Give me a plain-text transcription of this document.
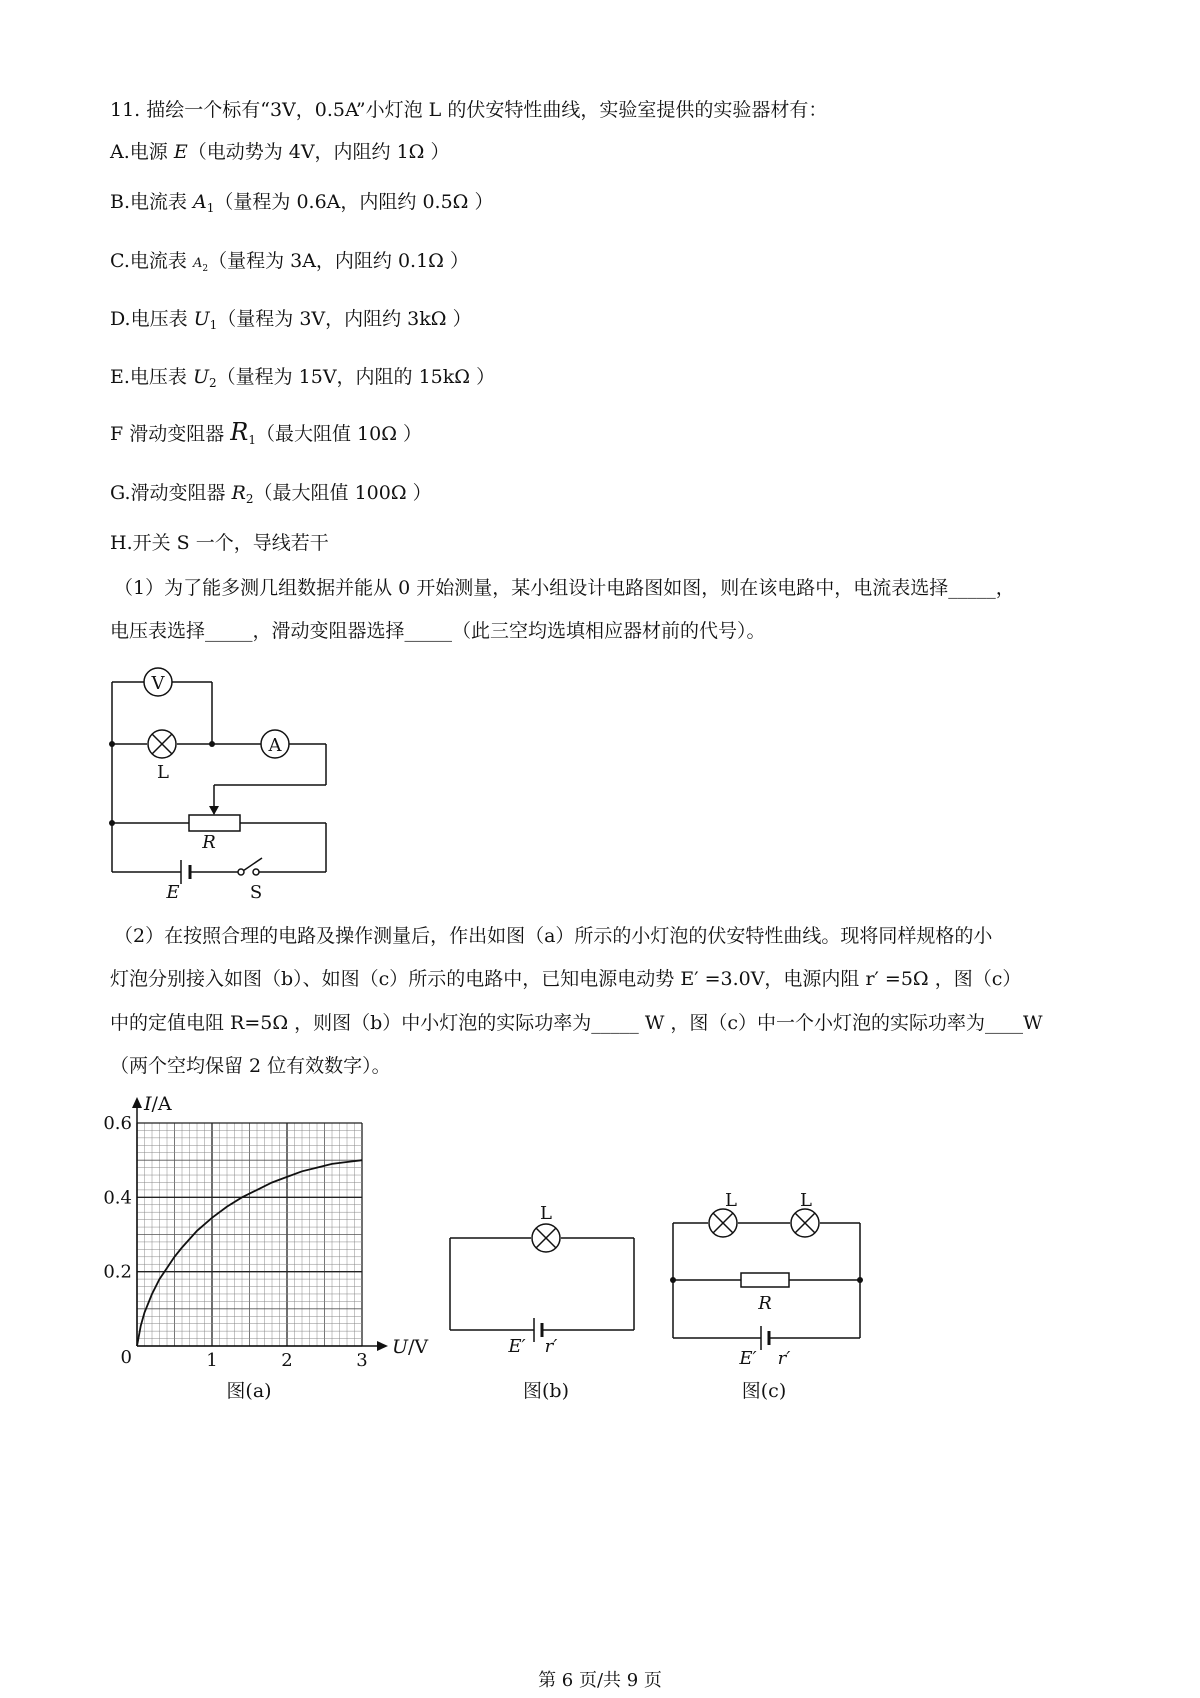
11. 描绘一个标有“3V，0.5A”小灯泡 L 的伏安特性曲线，实验室提供的实验器材有：
A.电源 E（电动势为 4V，内阻约 1Ω ）
B.电流表 $A_1$（量程为 0.6A，内阻约 0.5Ω ）
C.电流表 $A_2$（量程为 3A，内阻约 0.1Ω ）
D.电压表 $U_1$（量程为 3V，内阻约 3kΩ ）
E.电压表 $U_2$（量程为 15V，内阻的 15kΩ ）
F 滑动变阻器 $R_1$（最大阻值 10Ω ）
G.滑动变阻器 $R_2$（最大阻值 100Ω ）
H.开关 S 一个，导线若干
（1）为了能多测几组数据并能从 0 开始测量，某小组设计电路图如图，则在该电路中，电流表选择_____，
电压表选择_____，滑动变阻器选择_____（此三空均选填相应器材前的代号）。
V
L
A
R
E	S
（2）在按照合理的电路及操作测量后，作出如图（a）所示的小灯泡的伏安特性曲线。现将同样规格的小
灯泡分别接入如图（b）、如图（c）所示的电路中，已知电源电动势 E′ =3.0V，电源内阻 r′ =5Ω ，图（c）
中的定值电阻 R=5Ω ，则图（b）中小灯泡的实际功率为_____ W ，图（c）中一个小灯泡的实际功率为____W
（两个空均保留 2 位有效数字）。
I/A
U/V
0	1	2	3
0.2
0.4
0.6
图(a)
L
E′ r′
图(b)
L	L
R
E′ r′
图(c)
第 6 页/共 9 页
